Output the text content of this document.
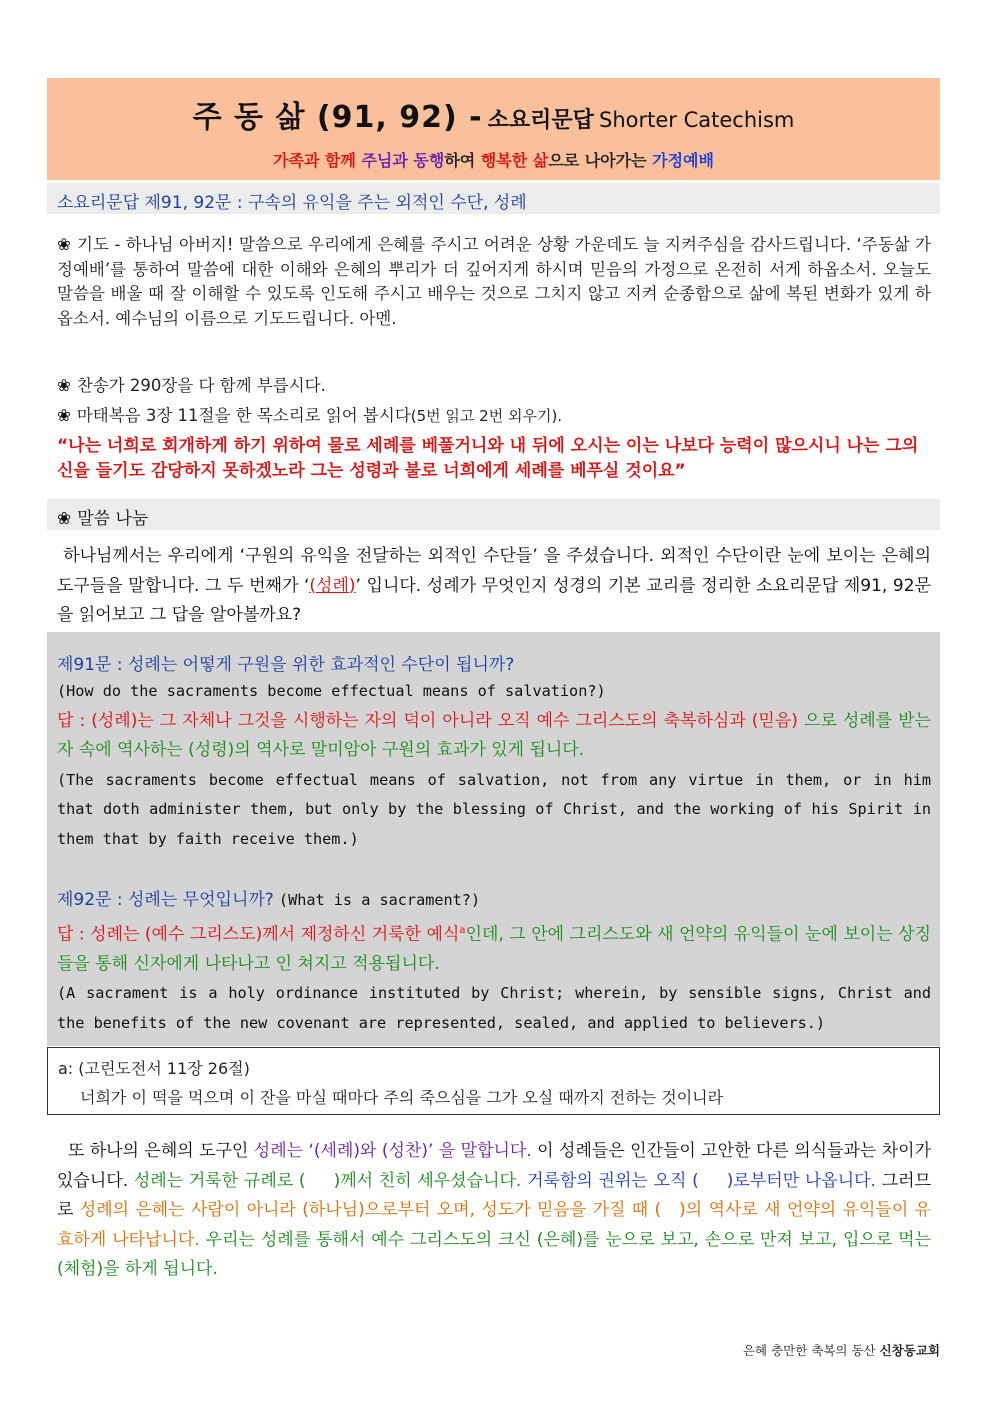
주 동 삶 (91, 92) - 소요리문답 Shorter Catechism
가족과 함께 주님과 동행하여 행복한 삶으로 나아가는 가정예배
소요리문답 제91, 92문 : 구속의 유익을 주는 외적인 수단, 성례
❀ 기도 - 하나님 아버지! 말씀으로 우리에게 은혜를 주시고 어려운 상황 가운데도 늘 지켜주심을 감사드립니다. ‘주동삶 가정예배’를 통하여 말씀에 대한 이해와 은혜의 뿌리가 더 깊어지게 하시며 믿음의 가정으로 온전히 서게 하옵소서. 오늘도 말씀을 배울 때 잘 이해할 수 있도록 인도해 주시고 배우는 것으로 그치지 않고 지켜 순종함으로 삶에 복된 변화가 있게 하옵소서. 예수님의 이름으로 기도드립니다. 아멘.
❀ 찬송가 290장을 다 함께 부릅시다.
❀ 마태복음 3장 11절을 한 목소리로 읽어 봅시다(5번 읽고 2번 외우기).
“나는 너희로 회개하게 하기 위하여 물로 세례를 베풀거니와 내 뒤에 오시는 이는 나보다 능력이 많으시니 나는 그의 신을 들기도 감당하지 못하겠노라 그는 성령과 불로 너희에게 세례를 베푸실 것이요”
❀ 말씀 나눔
하나님께서는 우리에게 ‘구원의 유익을 전달하는 외적인 수단들’ 을 주셨습니다. 외적인 수단이란 눈에 보이는 은혜의 도구들을 말합니다. 그 두 번째가 ‘(성례)’ 입니다. 성례가 무엇인지 성경의 기본 교리를 정리한 소요리문답 제91, 92문을 읽어보고 그 답을 알아볼까요?
제91문 : 성례는 어떻게 구원을 위한 효과적인 수단이 됩니까?
(How do the sacraments become effectual means of salvation?)
답 : (성례)는 그 자체나 그것을 시행하는 자의 덕이 아니라 오직 예수 그리스도의 축복하심과 (믿음) 으로 성례를 받는 자 속에 역사하는 (성령)의 역사로 말미암아 구원의 효과가 있게 됩니다.
(The sacraments become effectual means of salvation, not from any virtue in them, or in him that doth administer them, but only by the blessing of Christ, and the working of his Spirit in them that by faith receive them.)
제92문 : 성례는 무엇입니까? (What is a sacrament?)
답 : 성례는 (예수 그리스도)께서 제정하신 거룩한 예식$^a$인데, 그 안에 그리스도와 새 언약의 유익들이 눈에 보이는 상징들을 통해 신자에게 나타나고 인 쳐지고 적용됩니다.
(A sacrament is a holy ordinance instituted by Christ; wherein, by sensible signs, Christ and the benefits of the new covenant are represented, sealed, and applied to believers.)
a: (고린도전서 11장 26절)
너희가 이 떡을 먹으며 이 잔을 마실 때마다 주의 죽으심을 그가 오실 때까지 전하는 것이니라
또 하나의 은혜의 도구인 성례는 ‘(세례)와 (성찬)’ 을 말합니다. 이 성례들은 인간들이 고안한 다른 의식들과는 차이가 있습니다. 성례는 거룩한 규례로 ( )께서 친히 세우셨습니다. 거룩함의 권위는 오직 ( )로부터만 나옵니다. 그러므로 성례의 은혜는 사람이 아니라 (하나님)으로부터 오며, 성도가 믿음을 가질 때 ( )의 역사로 새 언약의 유익들이 유효하게 나타납니다. 우리는 성례를 통해서 예수 그리스도의 크신 (은혜)를 눈으로 보고, 손으로 만져 보고, 입으로 먹는 (체험)을 하게 됩니다.
은혜 충만한 축복의 동산 신창동교회
